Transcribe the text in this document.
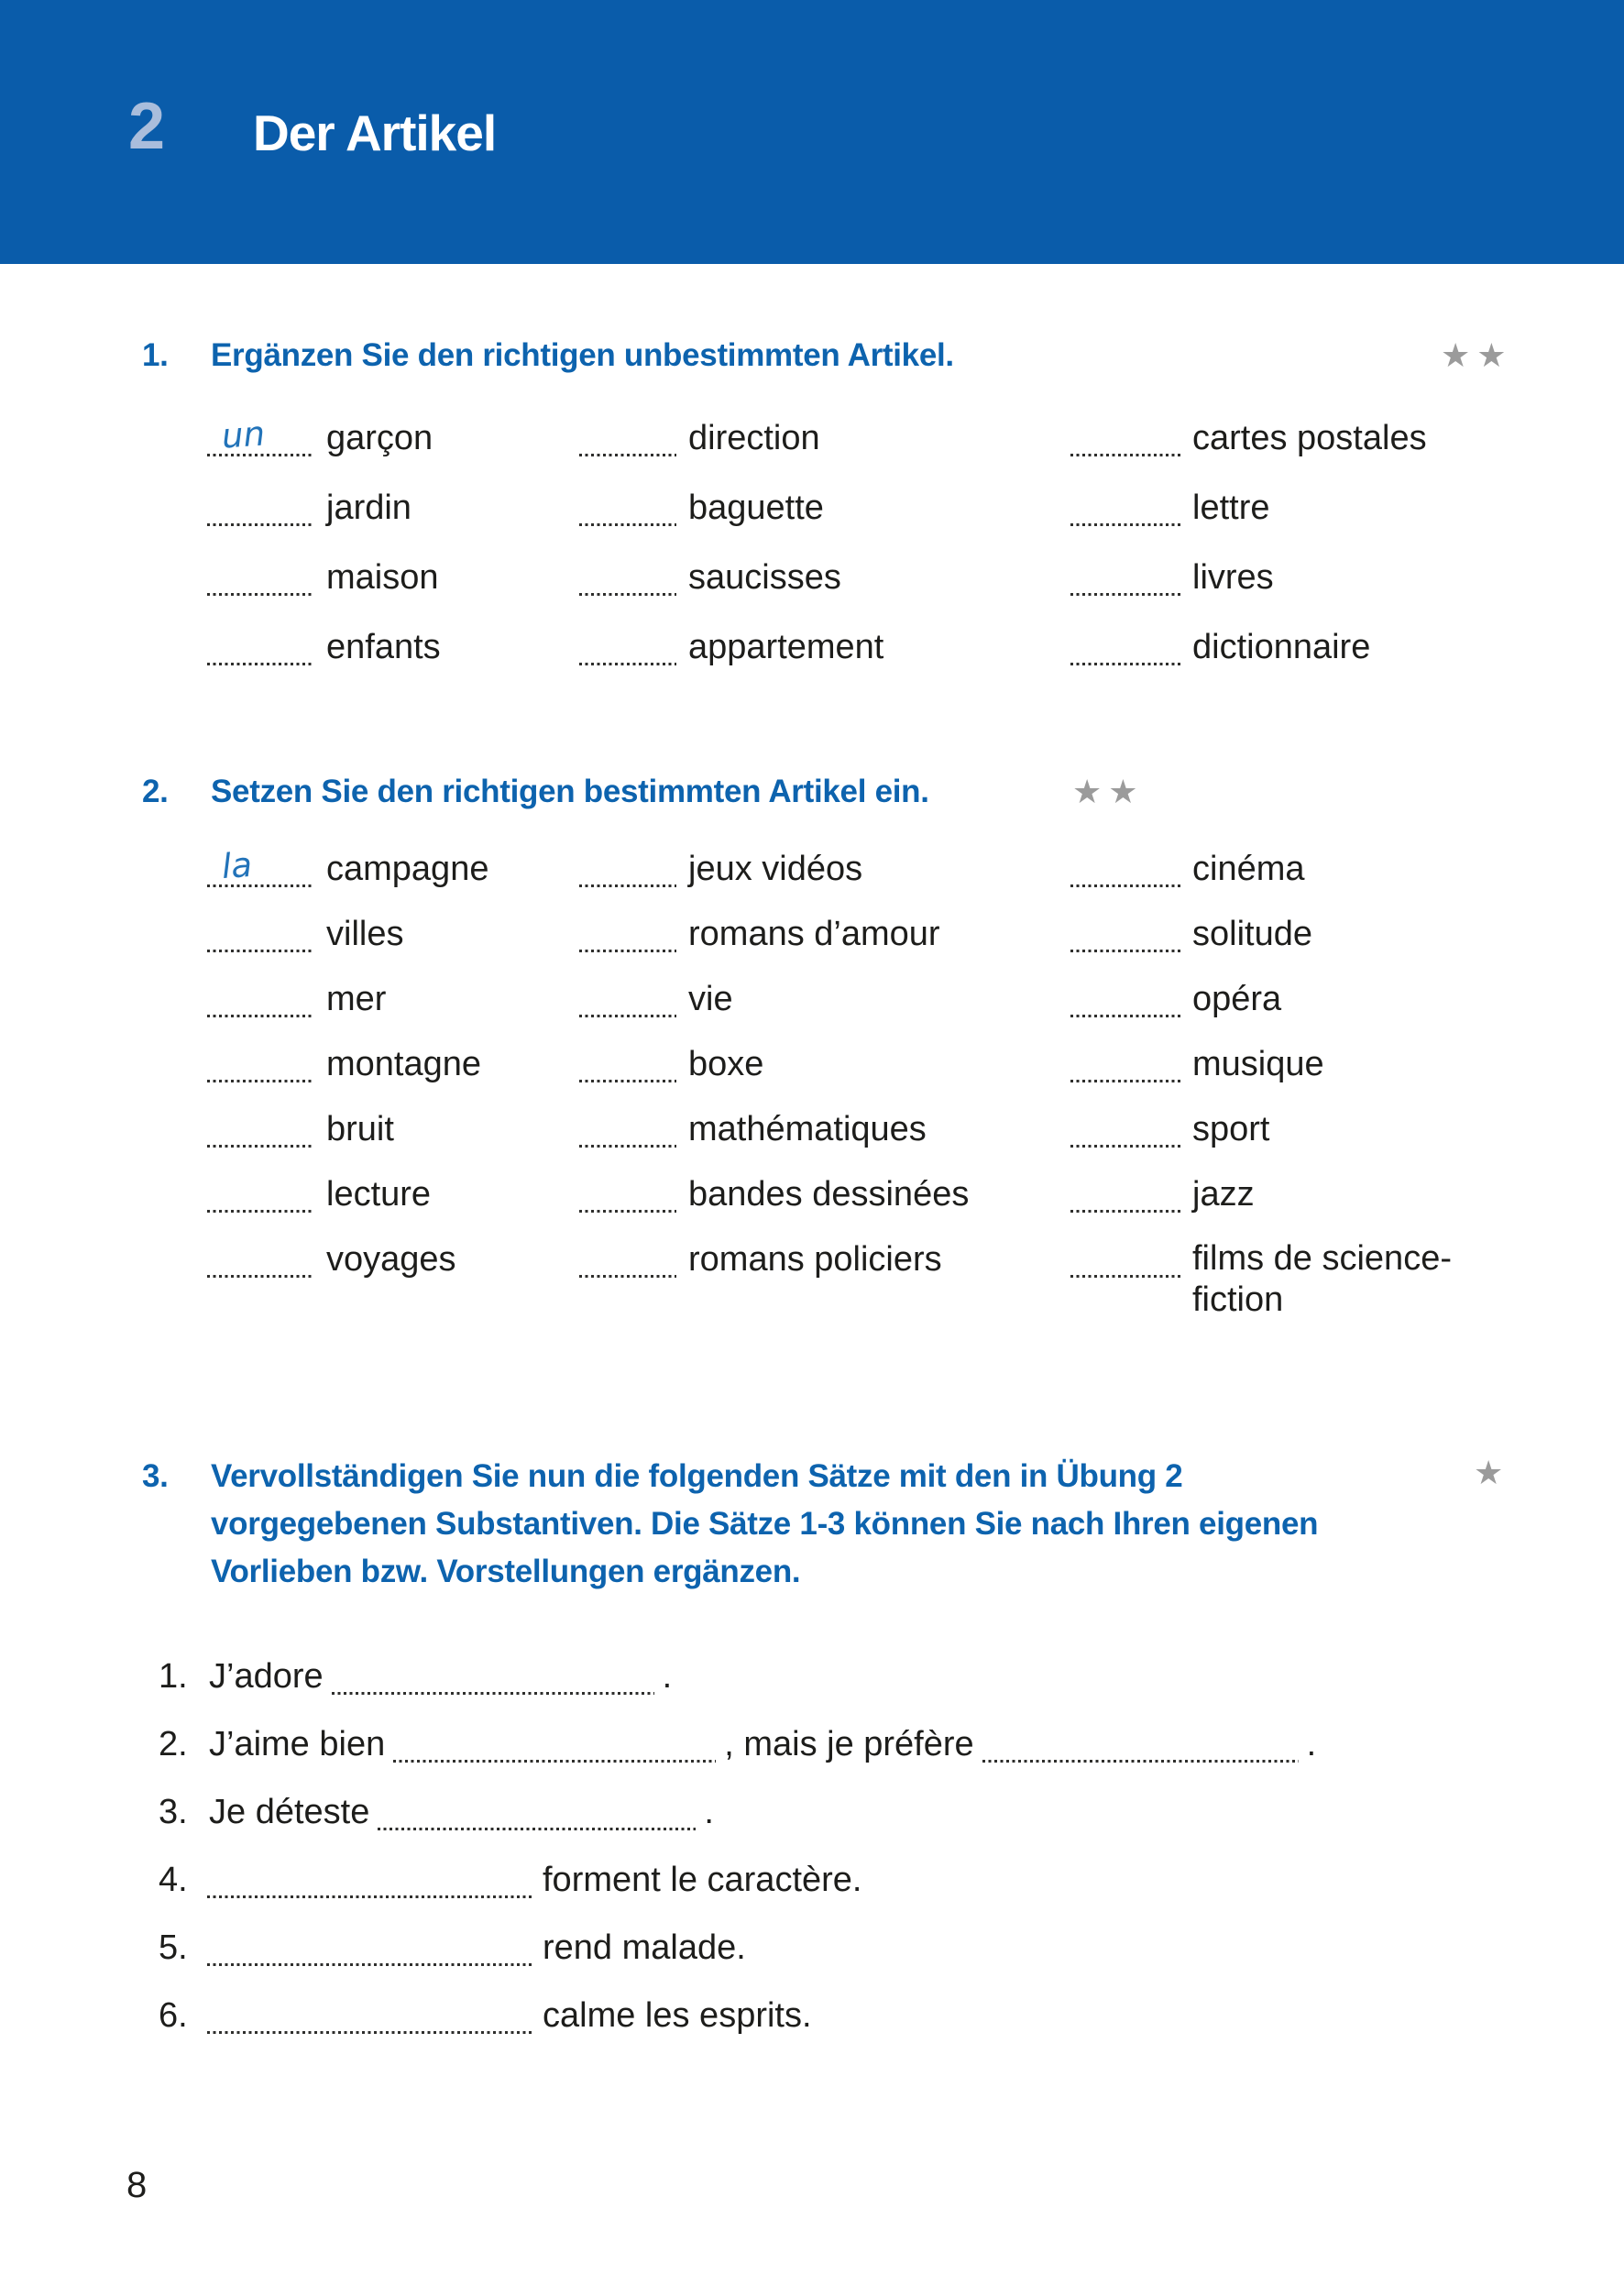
2 Der Artikel
1. Ergänzen Sie den richtigen unbestimmten Artikel.	★★
un garçon	direction	cartes postales
jardin	baguette	lettre
maison	saucisses	livres
enfants	appartement	dictionnaire
2. Setzen Sie den richtigen bestimmten Artikel ein.	★★
la campagne	jeux vidéos	cinéma
villes	romans d’amour	solitude
mer	vie	opéra
montagne	boxe	musique
bruit	mathématiques	sport
lecture	bandes dessinées	jazz
voyages	romans policiers	films de science-fiction
3. Vervollständigen Sie nun die folgenden Sätze mit den in Übung 2
vorgegebenen Substantiven. Die Sätze 1-3 können Sie nach Ihren eigenen
Vorlieben bzw. Vorstellungen ergänzen.
★
1. J’adore	.
2. J’aime bien	, mais je préfère	.
3. Je déteste	.
4.	forment le caractère.
5.	rend malade.
6.	calme les esprits.
8
